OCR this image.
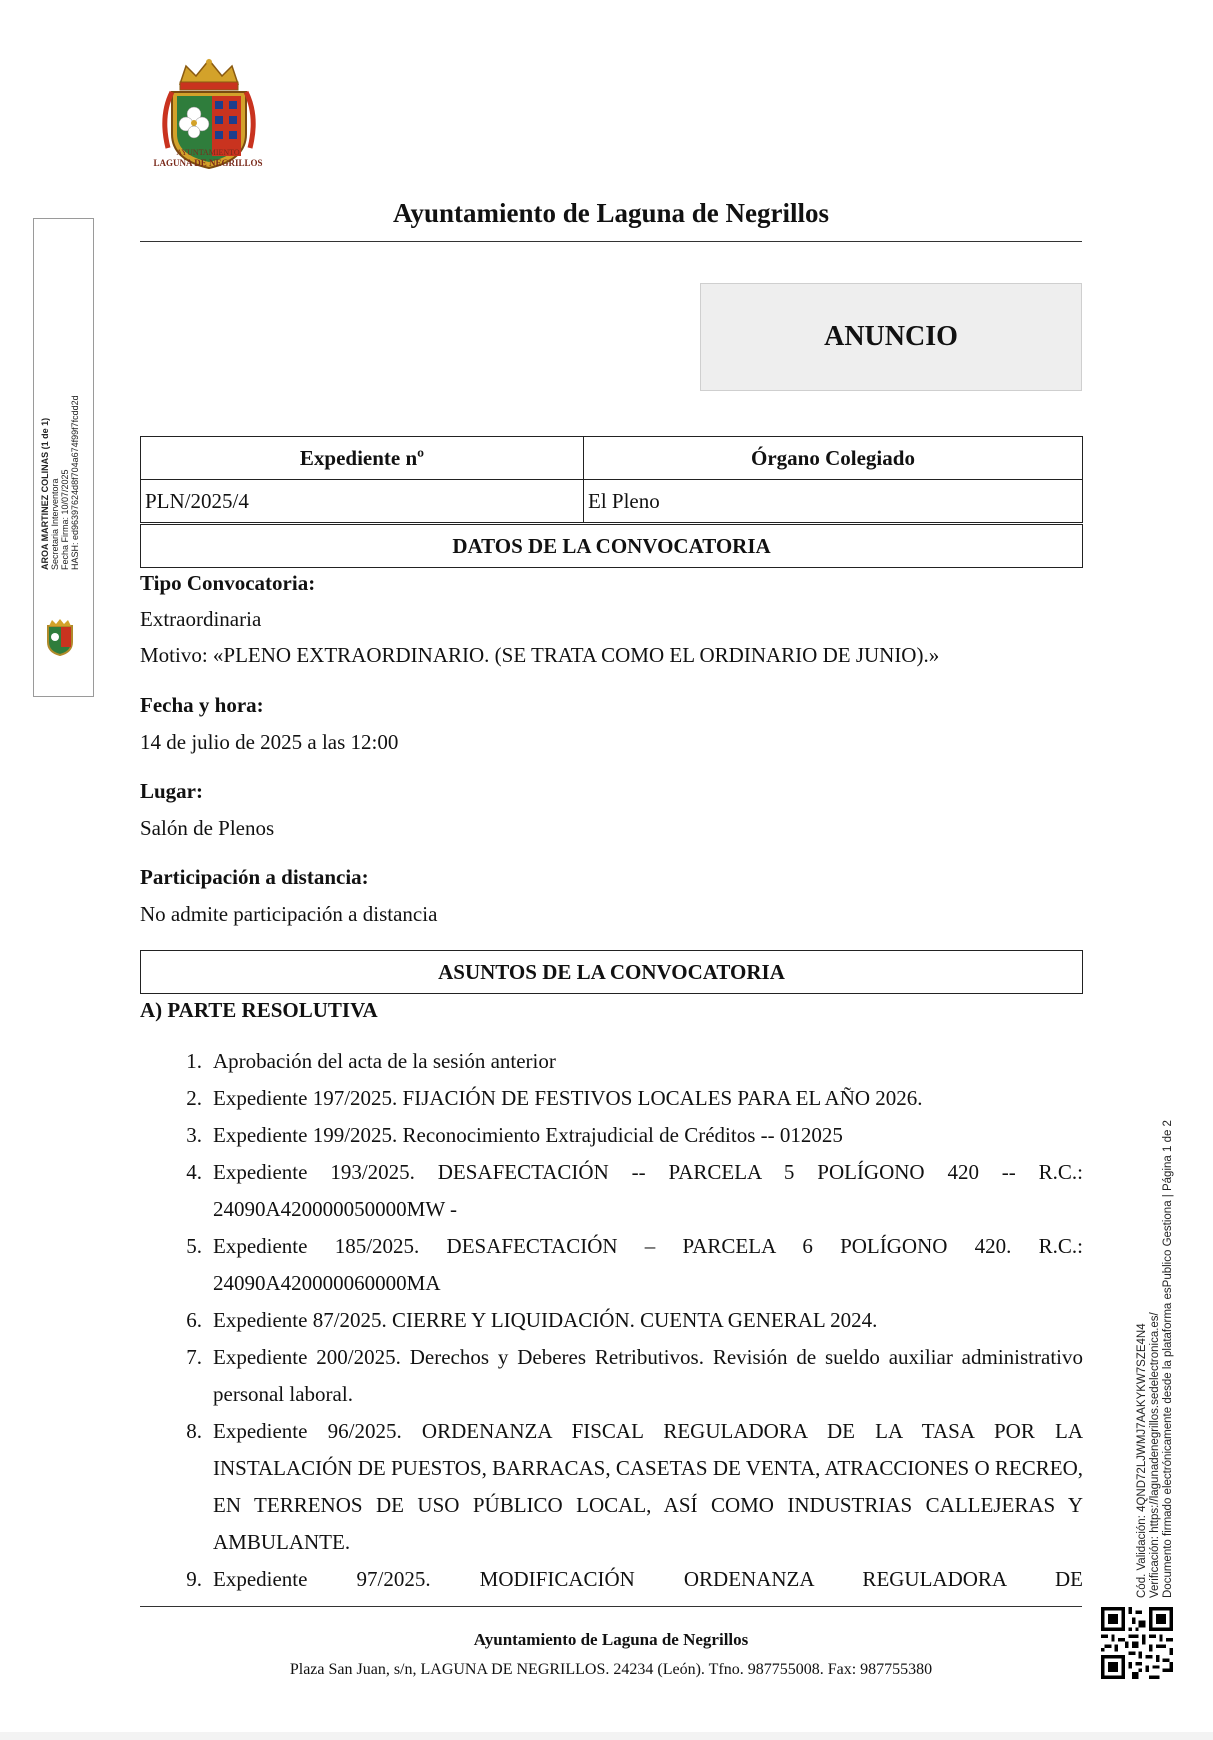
AYUNTAMIENTO
LAGUNA DE NEGRILLOS
Ayuntamiento de Laguna de Negrillos
ANUNCIO
Expediente nº	Órgano Colegiado
PLN/2025/4	El Pleno
DATOS DE LA CONVOCATORIA
Tipo Convocatoria:
Extraordinaria
Motivo: «PLENO EXTRAORDINARIO. (SE TRATA COMO EL ORDINARIO DE JUNIO).»
Fecha y hora:
14 de julio de 2025 a las 12:00
Lugar:
Salón de Plenos
Participación a distancia:
No admite participación a distancia
ASUNTOS DE LA CONVOCATORIA
A) PARTE RESOLUTIVA
1. Aprobación del acta de la sesión anterior
2. Expediente 197/2025. FIJACIÓN DE FESTIVOS LOCALES PARA EL AÑO 2026.
3. Expediente 199/2025. Reconocimiento Extrajudicial de Créditos -- 012025
4. Expediente 193/2025. DESAFECTACIÓN -- PARCELA 5 POLÍGONO 420 -- R.C.: 24090A420000050000MW -
5. Expediente 185/2025. DESAFECTACIÓN – PARCELA 6 POLÍGONO 420. R.C.: 24090A420000060000MA
6. Expediente 87/2025. CIERRE Y LIQUIDACIÓN. CUENTA GENERAL 2024.
7. Expediente 200/2025. Derechos y Deberes Retributivos. Revisión de sueldo auxiliar administrativo personal laboral.
8. Expediente 96/2025. ORDENANZA FISCAL REGULADORA DE LA TASA POR LA INSTALACIÓN DE PUESTOS, BARRACAS, CASETAS DE VENTA, ATRACCIONES O RECREO, EN TERRENOS DE USO PÚBLICO LOCAL, ASÍ COMO INDUSTRIAS CALLEJERAS Y AMBULANTE.
9. Expediente 97/2025. MODIFICACIÓN ORDENANZA REGULADORA DE
Ayuntamiento de Laguna de Negrillos
Plaza San Juan, s/n, LAGUNA DE NEGRILLOS. 24234 (León). Tfno. 987755008. Fax: 987755380
AROA MARTINEZ COLINAS (1 de 1) Secretaria Interventora Fecha Firma: 10/07/2025 HASH: ed96397624d8f704a674f99f7fcdd2d
Cód. Validación: 4QND72LJWMJ7AAKYKW7SZE4N4 Verificación: https://lagunadenegrillos.sedelectronica.es/ Documento firmado electrónicamente desde la plataforma esPublico Gestiona | Página 1 de 2
